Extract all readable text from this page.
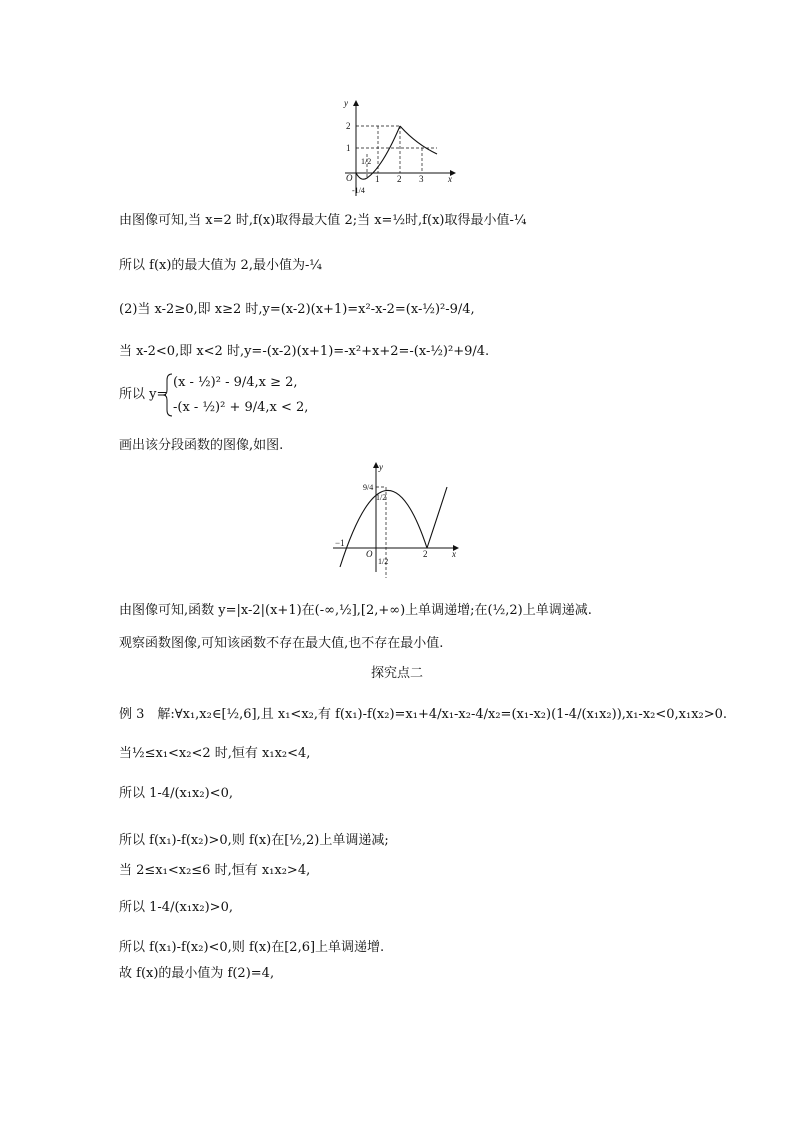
y
x
O
2
1
1 2 3
1/2
-1/4
由图像可知,当 x=2 时,f(x)取得最大值 2;当 x=½时,f(x)取得最小值-¼
所以 f(x)的最大值为 2,最小值为-¼
(2)当 x-2≥0,即 x≥2 时,y=(x-2)(x+1)=x²-x-2=(x-½)²-9/4,
当 x-2<0,即 x<2 时,y=-(x-2)(x+1)=-x²+x+2=-(x-½)²+9/4.
所以 y=
(x - ½)² - 9/4,x ≥ 2,
-(x - ½)² + 9/4,x < 2,
画出该分段函数的图像,如图.
y
x
O
9/4
1/2
−1
1/2
2
由图像可知,函数 y=|x-2|(x+1)在(-∞,½],[2,+∞)上单调递增;在(½,2)上单调递减.
观察函数图像,可知该函数不存在最大值,也不存在最小值.
探究点二
例 3　解:∀x₁,x₂∈[½,6],且 x₁<x₂,有 f(x₁)-f(x₂)=x₁+4/x₁-x₂-4/x₂=(x₁-x₂)(1-4/(x₁x₂)),x₁-x₂<0,x₁x₂>0.
当½≤x₁<x₂<2 时,恒有 x₁x₂<4,
所以 1-4/(x₁x₂)<0,
所以 f(x₁)-f(x₂)>0,则 f(x)在[½,2)上单调递减;
当 2≤x₁<x₂≤6 时,恒有 x₁x₂>4,
所以 1-4/(x₁x₂)>0,
所以 f(x₁)-f(x₂)<0,则 f(x)在[2,6]上单调递增.
故 f(x)的最小值为 f(2)=4,
